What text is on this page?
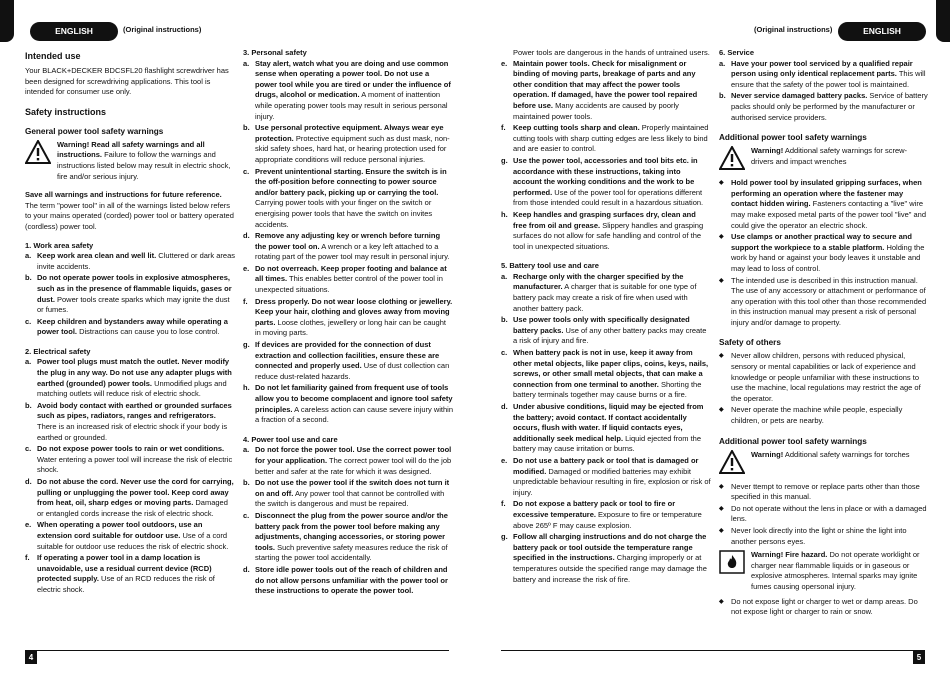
ENGLISH	(Original instructions)	(Original instructions)	ENGLISH
Intended use

Your BLACK+DECKER BDCSFL20 flashlight screwdriver has been designed for screwdriving applications. This tool is intended for consumer use only.

Safety instructions
General power tool safety warnings

Warning! Read all safety warnings and all instructions. Failure to follow the warnings and instructions listed below may result in electric shock, fire and/or serious injury.

Save all warnings and instructions for future reference. The term "power tool" in all of the warnings listed below refers to your mains operated (corded) power tool or battery operated (cordless) power tool.

1. Work area safety

a. Keep work area clean and well lit. Cluttered or dark areas invite accidents.
b. Do not operate power tools in explosive atmospheres, such as in the presence of flammable liquids, gases or dust. Power tools create sparks which may ignite the dust or fumes.
c. Keep children and bystanders away while operating a power tool. Distractions can cause you to lose control.

2. Electrical safety

a. Power tool plugs must match the outlet. Never modify the plug in any way. Do not use any adapter plugs with earthed (grounded) power tools. Unmodified plugs and matching outlets will reduce risk of electric shock.
b. Avoid body contact with earthed or grounded surfaces such as pipes, radiators, ranges and refrigerators. There is an increased risk of electric shock if your body is earthed or grounded.
c. Do not expose power tools to rain or wet conditions. Water entering a power tool will increase the risk of electric shock.
d. Do not abuse the cord. Never use the cord for carrying, pulling or unplugging the power tool. Keep cord away from heat, oil, sharp edges or moving parts. Damaged or entangled cords increase the risk of electric shock.
e. When operating a power tool outdoors, use an extension cord suitable for outdoor use. Use of a cord suitable for outdoor use reduces the risk of electric shock.
f. If operating a power tool in a damp location is unavoidable, use a residual current device (RCD) protected supply. Use of an RCD reduces the risk of electric shock.

3. Personal safety

a. Stay alert, watch what you are doing and use common sense when operating a power tool. Do not use a power tool while you are tired or under the influence of drugs, alcohol or medication. A moment of inattention while operating power tools may result in serious personal injury.
b. Use personal protective equipment. Always wear eye protection. Protective equipment such as dust mask, non-skid safety shoes, hard hat, or hearing protection used for appropriate conditions will reduce personal injuries.
c. Prevent unintentional starting. Ensure the switch is in the off-position before connecting to power source and/or battery pack, picking up or carrying the tool. Carrying power tools with your finger on the switch or energising power tools that have the switch on invites accidents.
d. Remove any adjusting key or wrench before turning the power tool on. A wrench or a key left attached to a rotating part of the power tool may result in personal injury.
e. Do not overreach. Keep proper footing and balance at all times. This enables better control of the power tool in unexpected situations.
f. Dress properly. Do not wear loose clothing or jewellery. Keep your hair, clothing and gloves away from moving parts. Loose clothes, jewellery or long hair can be caught in moving parts.
g. If devices are provided for the connection of dust extraction and collection facilities, ensure these are connected and properly used. Use of dust collection can reduce dust-related hazards.
h. Do not let familiarity gained from frequent use of tools allow you to become complacent and ignore tool safety principles. A careless action can cause severe injury within a fraction of a second.

4. Power tool use and care

a. Do not force the power tool. Use the correct power tool for your application. The correct power tool will do the job better and safer at the rate for which it was designed.
b. Do not use the power tool if the switch does not turn it on and off. Any power tool that cannot be controlled with the switch is dangerous and must be repaired.
c. Disconnect the plug from the power source and/or the battery pack from the power tool before making any adjustments, changing accessories, or storing power tools. Such preventive safety measures reduce the risk of starting the power tool accidentally.
d. Store idle power tools out of the reach of children and do not allow persons unfamiliar with the power tool or these instructions to operate the power tool.

Power tools are dangerous in the hands of untrained users.

e. Maintain power tools. Check for misalignment or binding of moving parts, breakage of parts and any other condition that may affect the power tools operation. If damaged, have the power tool repaired before use. Many accidents are caused by poorly maintained power tools.
f. Keep cutting tools sharp and clean. Properly maintained cutting tools with sharp cutting edges are less likely to bind and are easier to control.
g. Use the power tool, accessories and tool bits etc. in accordance with these instructions, taking into account the working conditions and the work to be performed. Use of the power tool for operations different from those intended could result in a hazardous situation.
h. Keep handles and grasping surfaces dry, clean and free from oil and grease. Slippery handles and grasping surfaces do not allow for safe handling and control of the tool in unexpected situations.

5. Battery tool use and care

a. Recharge only with the charger specified by the manufacturer. A charger that is suitable for one type of battery pack may create a risk of fire when used with another battery pack.
b. Use power tools only with specifically designated battery packs. Use of any other battery packs may create a risk of injury and fire.
c. When battery pack is not in use, keep it away from other metal objects, like paper clips, coins, keys, nails, screws, or other small metal objects, that can make a connection from one terminal to another. Shorting the battery terminals together may cause burns or a fire.
d. Under abusive conditions, liquid may be ejected from the battery; avoid contact. If contact accidentally occurs, flush with water. If liquid contacts eyes, additionally seek medical help. Liquid ejected from the battery may cause irritation or burns.
e. Do not use a battery pack or tool that is damaged or modified. Damaged or modified batteries may exhibit unpredictable behaviour resulting in fire, explosion or risk of injury.
f. Do not expose a battery pack or tool to fire or excessive temperature. Exposure to fire or temperature above 265º F may cause explosion.
g. Follow all charging instructions and do not charge the battery pack or tool outside the temperature range specified in the instructions. Charging improperly or at temperatures outside the specified range may damage the battery and increase the risk of fire.

6. Service

a. Have your power tool serviced by a qualified repair person using only identical replacement parts. This will ensure that the safety of the power tool is maintained.
b. Never service damaged battery packs. Service of battery packs should only be performed by the manufacturer or authorised service providers.
Additional power tool safety warnings

Warning! Additional safety warnings for screw-drivers and impact wrenches

◆ Hold power tool by insulated gripping surfaces, when performing an operation where the fastener may contact hidden wiring. Fasteners contacting a "live" wire may make exposed metal parts of the power tool "live" and could give the operator an electric shock.
◆ Use clamps or another practical way to secure and support the workpiece to a stable platform. Holding the work by hand or against your body leaves it unstable and may lead to loss of control.
◆ The intended use is described in this instruction manual. The use of any accessory or attachment or performance of any operation with this tool other than those recommended in this instruction manual may present a risk of personal injury and/or damage to property.
Safety of others
◆ Never allow children, persons with reduced physical, sensory or mental capabilities or lack of experience and knowledge or people unfamiliar with these instructions to use the machine, local regulations may restrict the age of the operator.
◆ Never operate the machine while people, especially children, or pets are nearby.
Additional power tool safety warnings

Warning! Additional safety warnings for torches

◆ Never ttempt to remove or replace parts other than those specified in this manual.
◆ Do not operate without the lens in place or with a damaged lens.
◆ Never look directly into the light or shine the light into another persons eyes.

Warning! Fire hazard. Do not operate worklight or charger near flammable liquids or in gaseous or explosive atmospheres. Internal sparks may ignite fumes causing opersonal injury.

◆ Do not expose light or charger to wet or damp areas. Do not expose light or charger to rain or snow.
4	5
